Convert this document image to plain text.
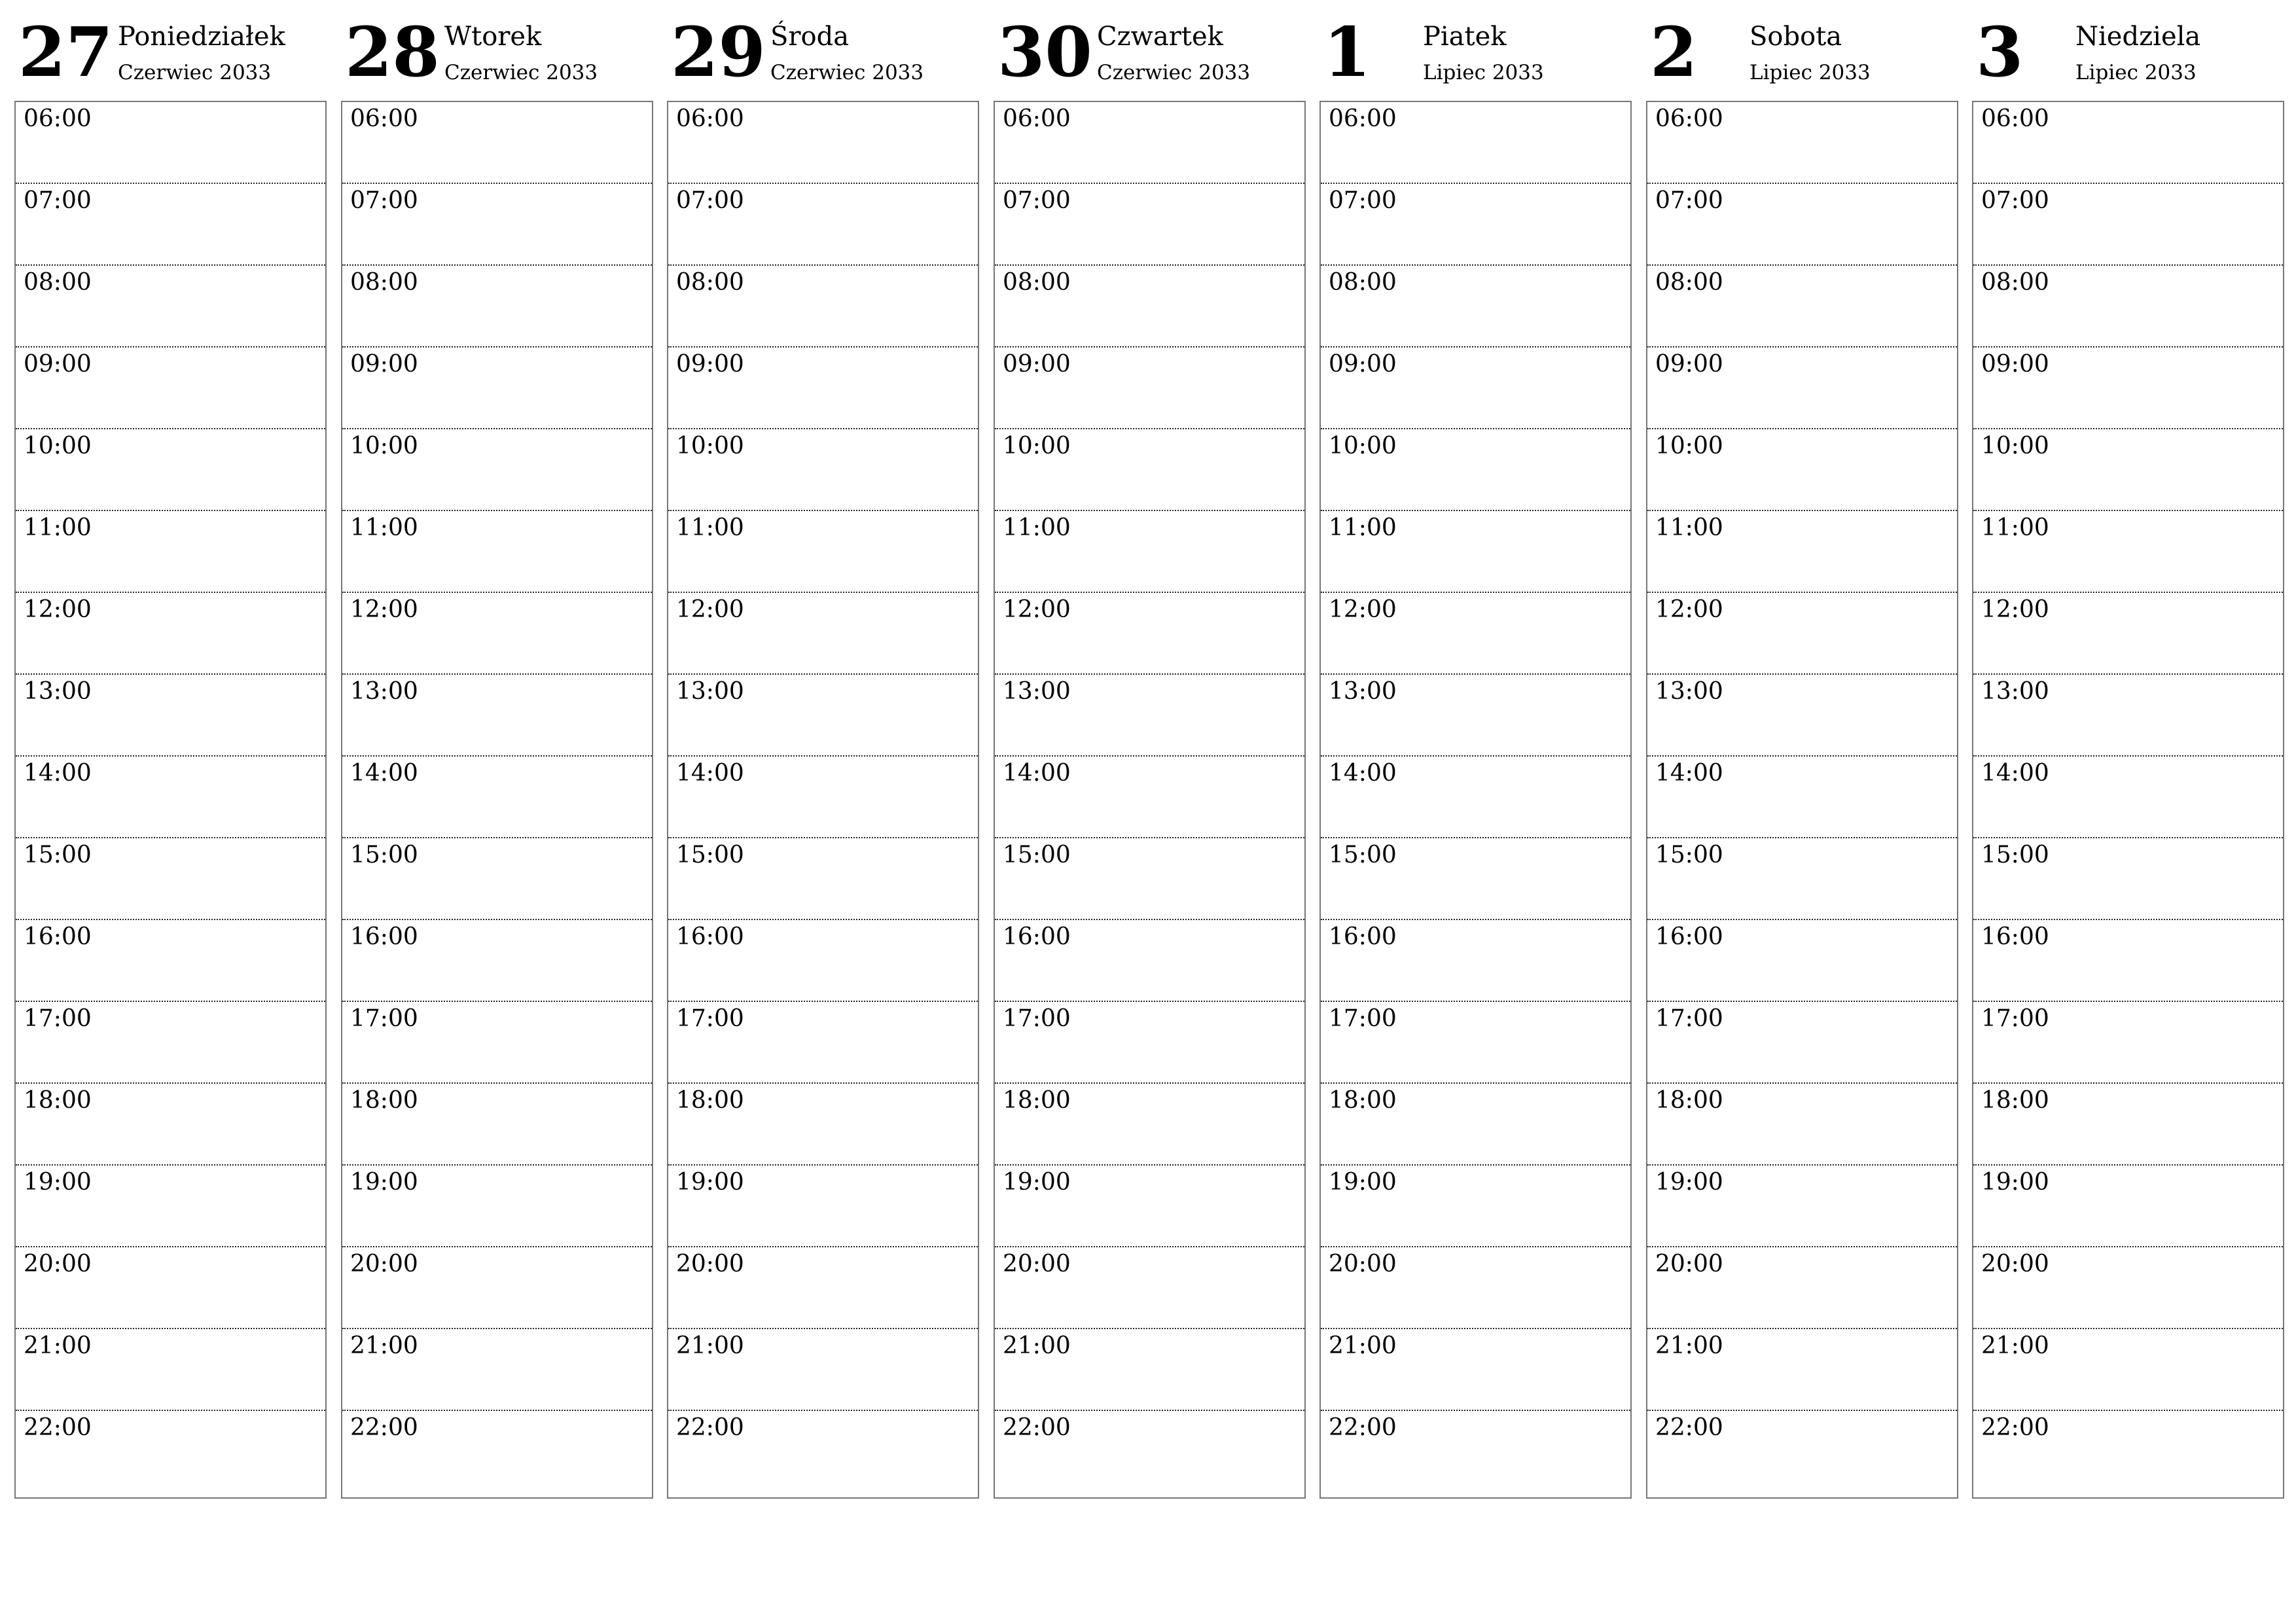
27 Poniedziałek
Czerwiec 2033
06:00
07:00
08:00
09:00
10:00
11:00
12:00
13:00
14:00
15:00
16:00
17:00
18:00
19:00
20:00
21:00
22:00
28 Wtorek
Czerwiec 2033
06:00
07:00
08:00
09:00
10:00
11:00
12:00
13:00
14:00
15:00
16:00
17:00
18:00
19:00
20:00
21:00
22:00
29 Środa
Czerwiec 2033
06:00
07:00
08:00
09:00
10:00
11:00
12:00
13:00
14:00
15:00
16:00
17:00
18:00
19:00
20:00
21:00
22:00
30 Czwartek
Czerwiec 2033
06:00
07:00
08:00
09:00
10:00
11:00
12:00
13:00
14:00
15:00
16:00
17:00
18:00
19:00
20:00
21:00
22:00
1 Piatek
Lipiec 2033
06:00
07:00
08:00
09:00
10:00
11:00
12:00
13:00
14:00
15:00
16:00
17:00
18:00
19:00
20:00
21:00
22:00
2 Sobota
Lipiec 2033
06:00
07:00
08:00
09:00
10:00
11:00
12:00
13:00
14:00
15:00
16:00
17:00
18:00
19:00
20:00
21:00
22:00
3 Niedziela
Lipiec 2033
06:00
07:00
08:00
09:00
10:00
11:00
12:00
13:00
14:00
15:00
16:00
17:00
18:00
19:00
20:00
21:00
22:00
